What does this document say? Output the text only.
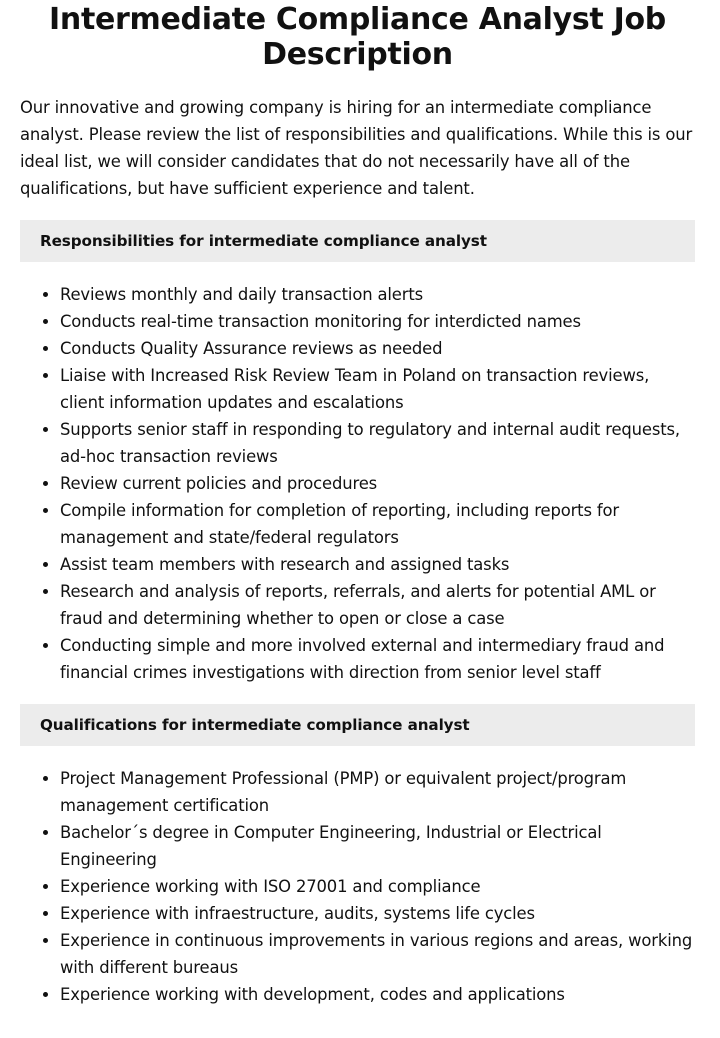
Intermediate Compliance Analyst Job Description

Our innovative and growing company is hiring for an intermediate compliance analyst. Please review the list of responsibilities and qualifications. While this is our ideal list, we will consider candidates that do not necessarily have all of the qualifications, but have sufficient experience and talent.

Responsibilities for intermediate compliance analyst
• Reviews monthly and daily transaction alerts
• Conducts real-time transaction monitoring for interdicted names
• Conducts Quality Assurance reviews as needed
• Liaise with Increased Risk Review Team in Poland on transaction reviews, client information updates and escalations
• Supports senior staff in responding to regulatory and internal audit requests, ad-hoc transaction reviews
• Review current policies and procedures
• Compile information for completion of reporting, including reports for management and state/federal regulators
• Assist team members with research and assigned tasks
• Research and analysis of reports, referrals, and alerts for potential AML or fraud and determining whether to open or close a case
• Conducting simple and more involved external and intermediary fraud and financial crimes investigations with direction from senior level staff
Qualifications for intermediate compliance analyst
• Project Management Professional (PMP) or equivalent project/program management certification
• Bachelor´s degree in Computer Engineering, Industrial or Electrical Engineering
• Experience working with ISO 27001 and compliance
• Experience with infraestructure, audits, systems life cycles
• Experience in continuous improvements in various regions and areas, working with different bureaus
• Experience working with development, codes and applications
